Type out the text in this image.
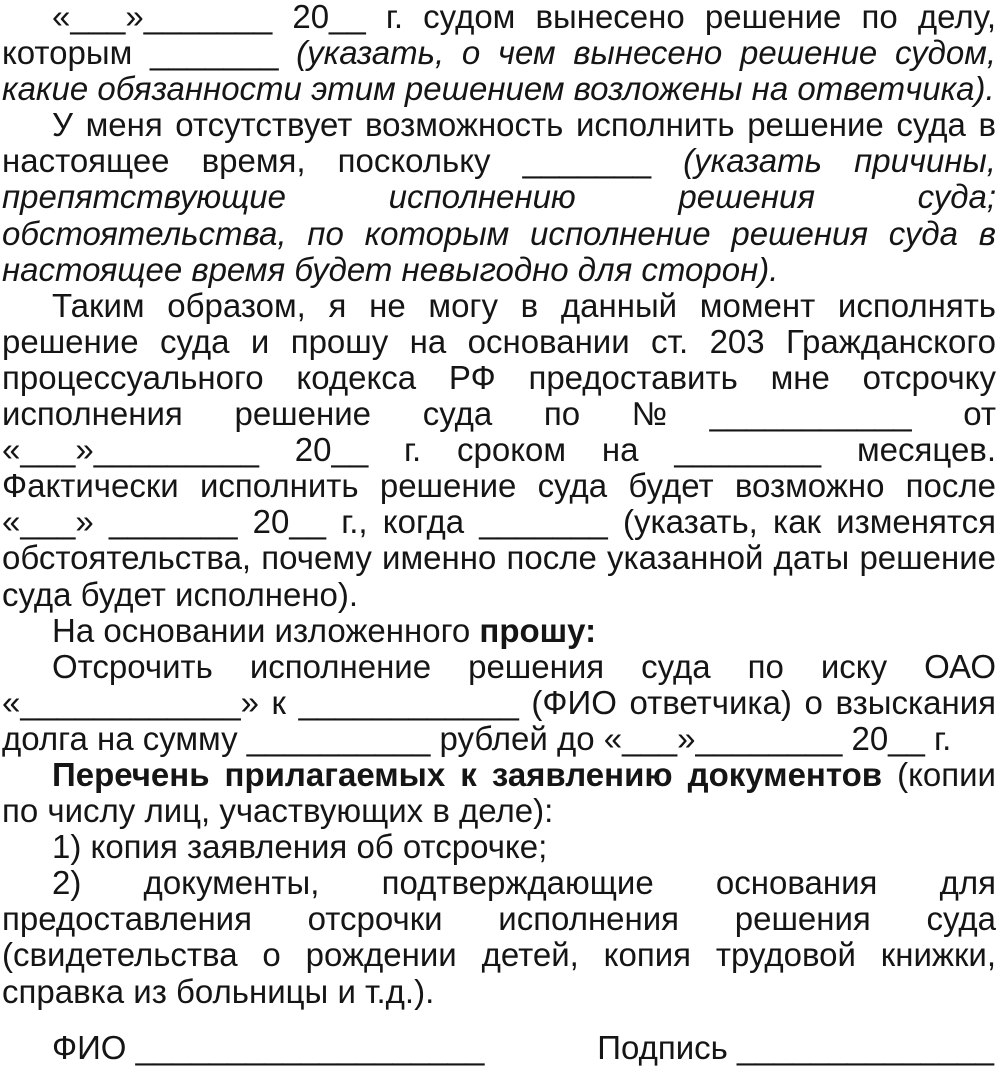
«___»_______ 20__ г. судом вынесено решение по делу, которым _______ (указать, о чем вынесено решение судом, какие обязанности этим решением возложены на ответчика).

У меня отсутствует возможность исполнить решение суда в настоящее время, поскольку _______ (указать причины, препятствующие исполнению решения суда; обстоятельства, по которым исполнение решения суда в настоящее время будет невыгодно для сторон).

Таким образом, я не могу в данный момент исполнять решение суда и прошу на основании ст. 203 Гражданского процессуального кодекса РФ предоставить мне отсрочку исполнения решение суда по №___________ от «___»_________ 20__ г. сроком на ________ месяцев. Фактически исполнить решение суда будет возможно после «___» _______ 20__ г., когда _______ (указать, как изменятся обстоятельства, почему именно после указанной даты решение суда будет исполнено).

На основании изложенного прошу:

Отсрочить исполнение решения суда по иску ОАО «____________» к ____________ (ФИО ответчика) о взыскания долга на сумму __________ рублей до «___»________ 20__ г.

Перечень прилагаемых к заявлению документов (копии по числу лиц, участвующих в деле):

1) копия заявления об отсрочке;

2) документы, подтверждающие основания для предоставления отсрочки исполнения решения суда (свидетельства о рождении детей, копия трудовой книжки, справка из больницы и т.д.).

ФИО ___________________	Подпись ______________
